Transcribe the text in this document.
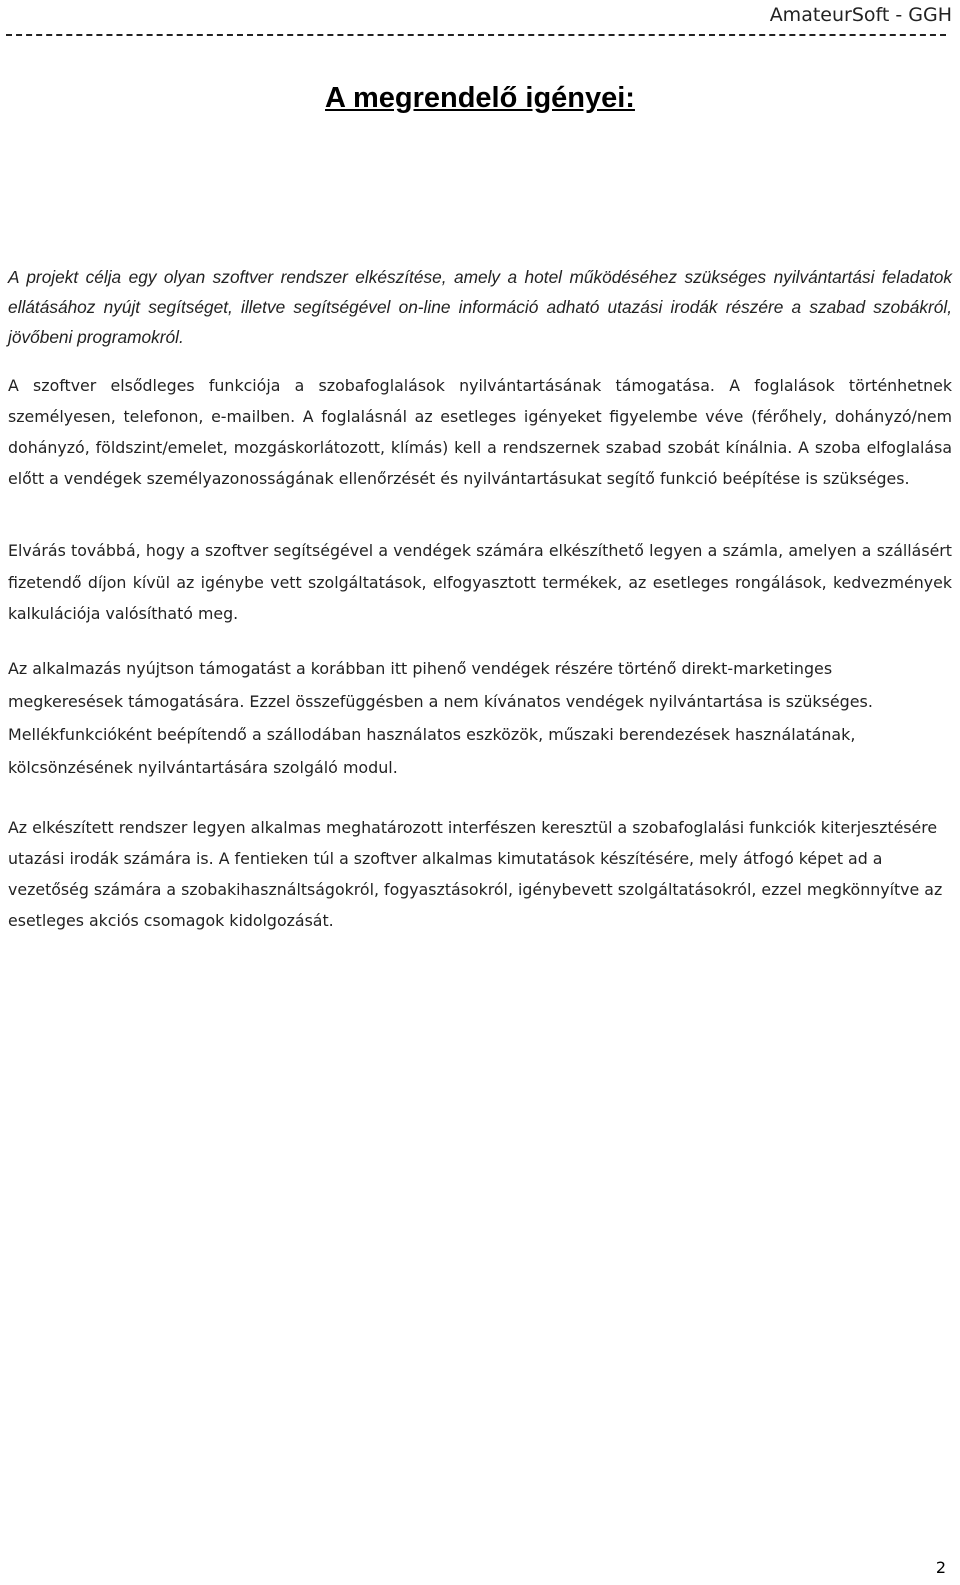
AmateurSoft - GGH
A megrendelő igényei:

A projekt célja egy olyan szoftver rendszer elkészítése, amely a hotel működéséhez szükséges nyilvántartási feladatok ellátásához nyújt segítséget, illetve segítségével on-line információ adható utazási irodák részére a szabad szobákról, jövőbeni programokról.

A szoftver elsődleges funkciója a szobafoglalások nyilvántartásának támogatása. A foglalások történhetnek személyesen, telefonon, e-mailben. A foglalásnál az esetleges igényeket figyelembe véve (férőhely, dohányzó/nem dohányzó, földszint/emelet, mozgáskorlátozott, klímás) kell a rendszernek szabad szobát kínálnia. A szoba elfoglalása előtt a vendégek személyazonosságának ellenőrzését és nyilvántartásukat segítő funkció beépítése is szükséges.

Elvárás továbbá, hogy a szoftver segítségével a vendégek számára elkészíthető legyen a számla, amelyen a szállásért fizetendő díjon kívül az igénybe vett szolgáltatások, elfogyasztott termékek, az esetleges rongálások, kedvezmények kalkulációja valósítható meg.

Az alkalmazás nyújtson támogatást a korábban itt pihenő vendégek részére történő direkt-marketinges megkeresések támogatására. Ezzel összefüggésben a nem kívánatos vendégek nyilvántartása is szükséges. Mellékfunkcióként beépítendő a szállodában használatos eszközök, műszaki berendezések használatának, kölcsönzésének nyilvántartására szolgáló modul.

Az elkészített rendszer legyen alkalmas meghatározott interfészen keresztül a szobafoglalási funkciók kiterjesztésére utazási irodák számára is. A fentieken túl a szoftver alkalmas kimutatások készítésére, mely átfogó képet ad a vezetőség számára a szobakihasználtságokról, fogyasztásokról, igénybevett szolgáltatásokról, ezzel megkönnyítve az esetleges akciós csomagok kidolgozását.

2
